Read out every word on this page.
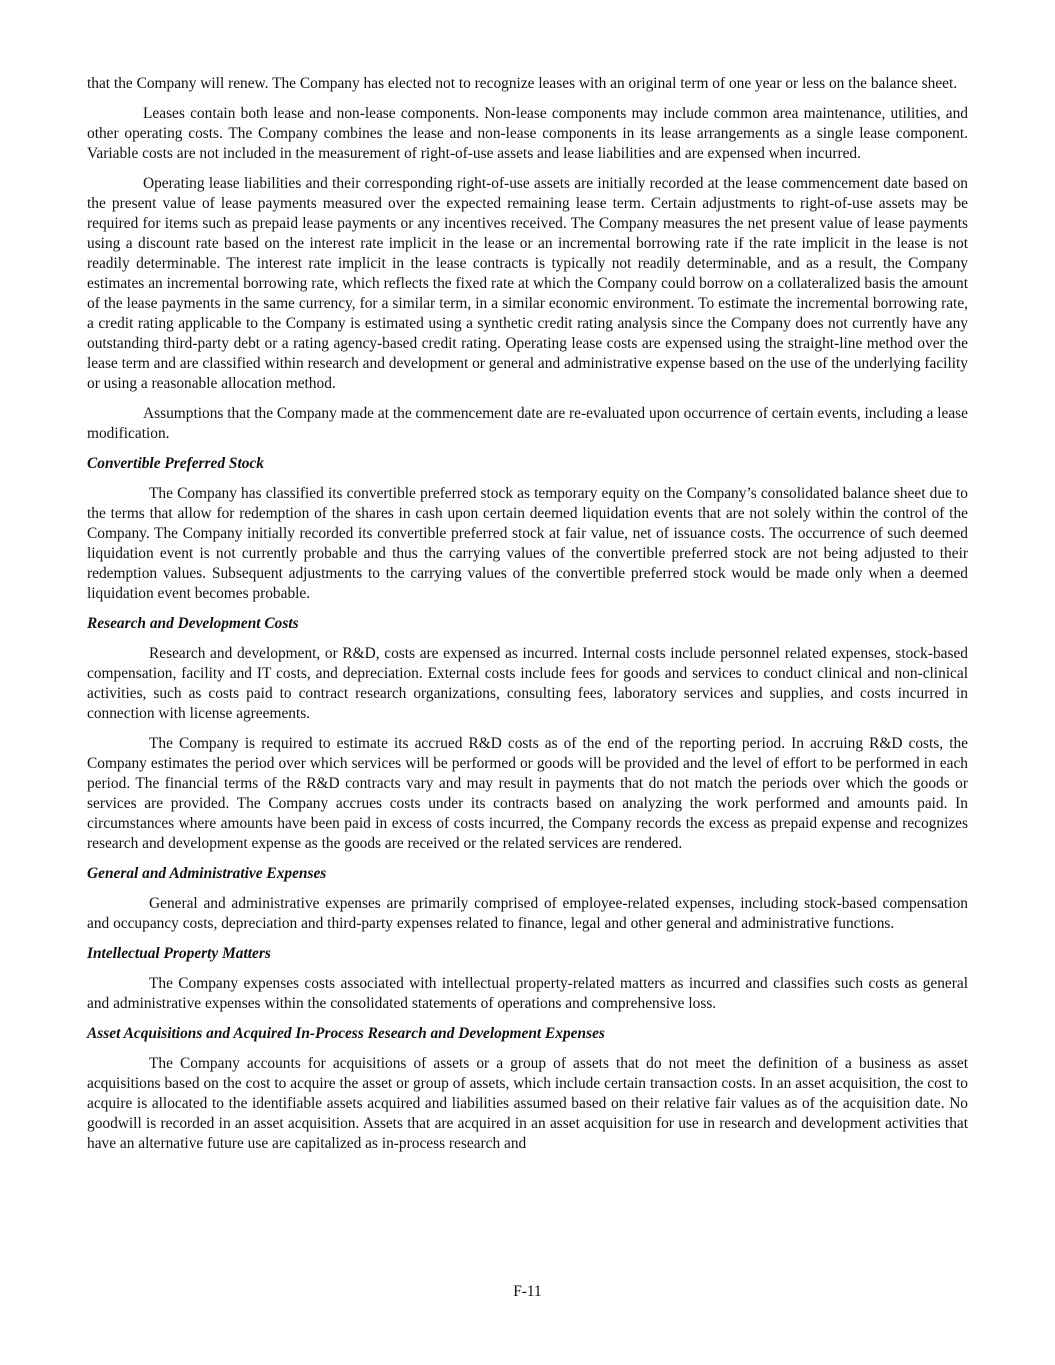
that the Company will renew. The Company has elected not to recognize leases with an original term of one year or less on the balance sheet.

Leases contain both lease and non-lease components. Non-lease components may include common area maintenance, utilities, and other operating costs. The Company combines the lease and non-lease components in its lease arrangements as a single lease component. Variable costs are not included in the measurement of right-of-use assets and lease liabilities and are expensed when incurred.

Operating lease liabilities and their corresponding right-of-use assets are initially recorded at the lease commencement date based on the present value of lease payments measured over the expected remaining lease term. Certain adjustments to right-of-use assets may be required for items such as prepaid lease payments or any incentives received. The Company measures the net present value of lease payments using a discount rate based on the interest rate implicit in the lease or an incremental borrowing rate if the rate implicit in the lease is not readily determinable. The interest rate implicit in the lease contracts is typically not readily determinable, and as a result, the Company estimates an incremental borrowing rate, which reflects the fixed rate at which the Company could borrow on a collateralized basis the amount of the lease payments in the same currency, for a similar term, in a similar economic environment. To estimate the incremental borrowing rate, a credit rating applicable to the Company is estimated using a synthetic credit rating analysis since the Company does not currently have any outstanding third-party debt or a rating agency-based credit rating. Operating lease costs are expensed using the straight-line method over the lease term and are classified within research and development or general and administrative expense based on the use of the underlying facility or using a reasonable allocation method.

Assumptions that the Company made at the commencement date are re-evaluated upon occurrence of certain events, including a lease modification.

Convertible Preferred Stock

The Company has classified its convertible preferred stock as temporary equity on the Company’s consolidated balance sheet due to the terms that allow for redemption of the shares in cash upon certain deemed liquidation events that are not solely within the control of the Company. The Company initially recorded its convertible preferred stock at fair value, net of issuance costs. The occurrence of such deemed liquidation event is not currently probable and thus the carrying values of the convertible preferred stock are not being adjusted to their redemption values. Subsequent adjustments to the carrying values of the convertible preferred stock would be made only when a deemed liquidation event becomes probable.

Research and Development Costs

Research and development, or R&D, costs are expensed as incurred. Internal costs include personnel related expenses, stock-based compensation, facility and IT costs, and depreciation. External costs include fees for goods and services to conduct clinical and non-clinical activities, such as costs paid to contract research organizations, consulting fees, laboratory services and supplies, and costs incurred in connection with license agreements.

The Company is required to estimate its accrued R&D costs as of the end of the reporting period. In accruing R&D costs, the Company estimates the period over which services will be performed or goods will be provided and the level of effort to be performed in each period. The financial terms of the R&D contracts vary and may result in payments that do not match the periods over which the goods or services are provided. The Company accrues costs under its contracts based on analyzing the work performed and amounts paid. In circumstances where amounts have been paid in excess of costs incurred, the Company records the excess as prepaid expense and recognizes research and development expense as the goods are received or the related services are rendered.

General and Administrative Expenses

General and administrative expenses are primarily comprised of employee-related expenses, including stock-based compensation and occupancy costs, depreciation and third-party expenses related to finance, legal and other general and administrative functions.

Intellectual Property Matters

The Company expenses costs associated with intellectual property-related matters as incurred and classifies such costs as general and administrative expenses within the consolidated statements of operations and comprehensive loss.

Asset Acquisitions and Acquired In-Process Research and Development Expenses

The Company accounts for acquisitions of assets or a group of assets that do not meet the definition of a business as asset acquisitions based on the cost to acquire the asset or group of assets, which include certain transaction costs. In an asset acquisition, the cost to acquire is allocated to the identifiable assets acquired and liabilities assumed based on their relative fair values as of the acquisition date. No goodwill is recorded in an asset acquisition. Assets that are acquired in an asset acquisition for use in research and development activities that have an alternative future use are capitalized as in-process research and

F-11
